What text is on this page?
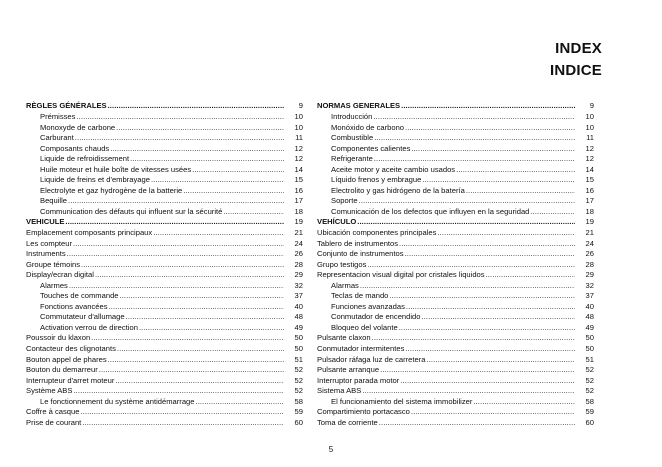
INDEX
INDICE
RÈGLES GÉNÉRALES .....	9
Prémisses .....	10
Monoxyde de carbone .....	10
Carburant .....	11
Composants chauds .....	12
Liquide de refroidissement .....	12
Huile moteur et huile boîte de vitesses usées .....	14
Liquide de freins et d'embrayage .....	15
Electrolyte et gaz hydrogène de la batterie .....	16
Bequille .....	17
Communication des défauts qui influent sur la sécurité .....	18
VEHICULE .....	19
Emplacement composants principaux .....	21
Les compteur .....	24
Instruments .....	26
Groupe témoins .....	28
Display/ecran digital .....	29
Alarmes .....	32
Touches de commande .....	37
Fonctions avancées .....	40
Commutateur d'allumage .....	48
Activation verrou de direction .....	49
Poussoir du klaxon .....	50
Contacteur des clignotants .....	50
Bouton appel de phares .....	51
Bouton du demarreur .....	52
Interrupteur d'arret moteur .....	52
Système ABS .....	52
Le fonctionnement du système antidémarrage .....	58
Coffre à casque .....	59
Prise de courant .....	60
NORMAS GENERALES .....	9
Introducción .....	10
Monóxido de carbono .....	10
Combustible .....	11
Componentes calientes .....	12
Refrigerante .....	12
Aceite motor y aceite cambio usados .....	14
Líquido frenos y embrague .....	15
Electrolito y gas hidrógeno de la batería .....	16
Soporte .....	17
Comunicación de los defectos que influyen en la seguridad .....	18
VEHÍCULO .....	19
Ubicación componentes principales .....	21
Tablero de instrumentos .....	24
Conjunto de instrumentos .....	26
Grupo testigos .....	28
Representacion visual digital por cristales liquidos .....	29
Alarmas .....	32
Teclas de mando .....	37
Funciones avanzadas .....	40
Conmutador de encendido .....	48
Bloqueo del volante .....	49
Pulsante claxon .....	50
Conmutador intermitentes .....	50
Pulsador ráfaga luz de carretera .....	51
Pulsante arranque .....	52
Interruptor parada motor .....	52
Sistema ABS .....	52
El funcionamiento del sistema immobilizer .....	58
Compartimiento portacasco .....	59
Toma de corriente .....	60
5
